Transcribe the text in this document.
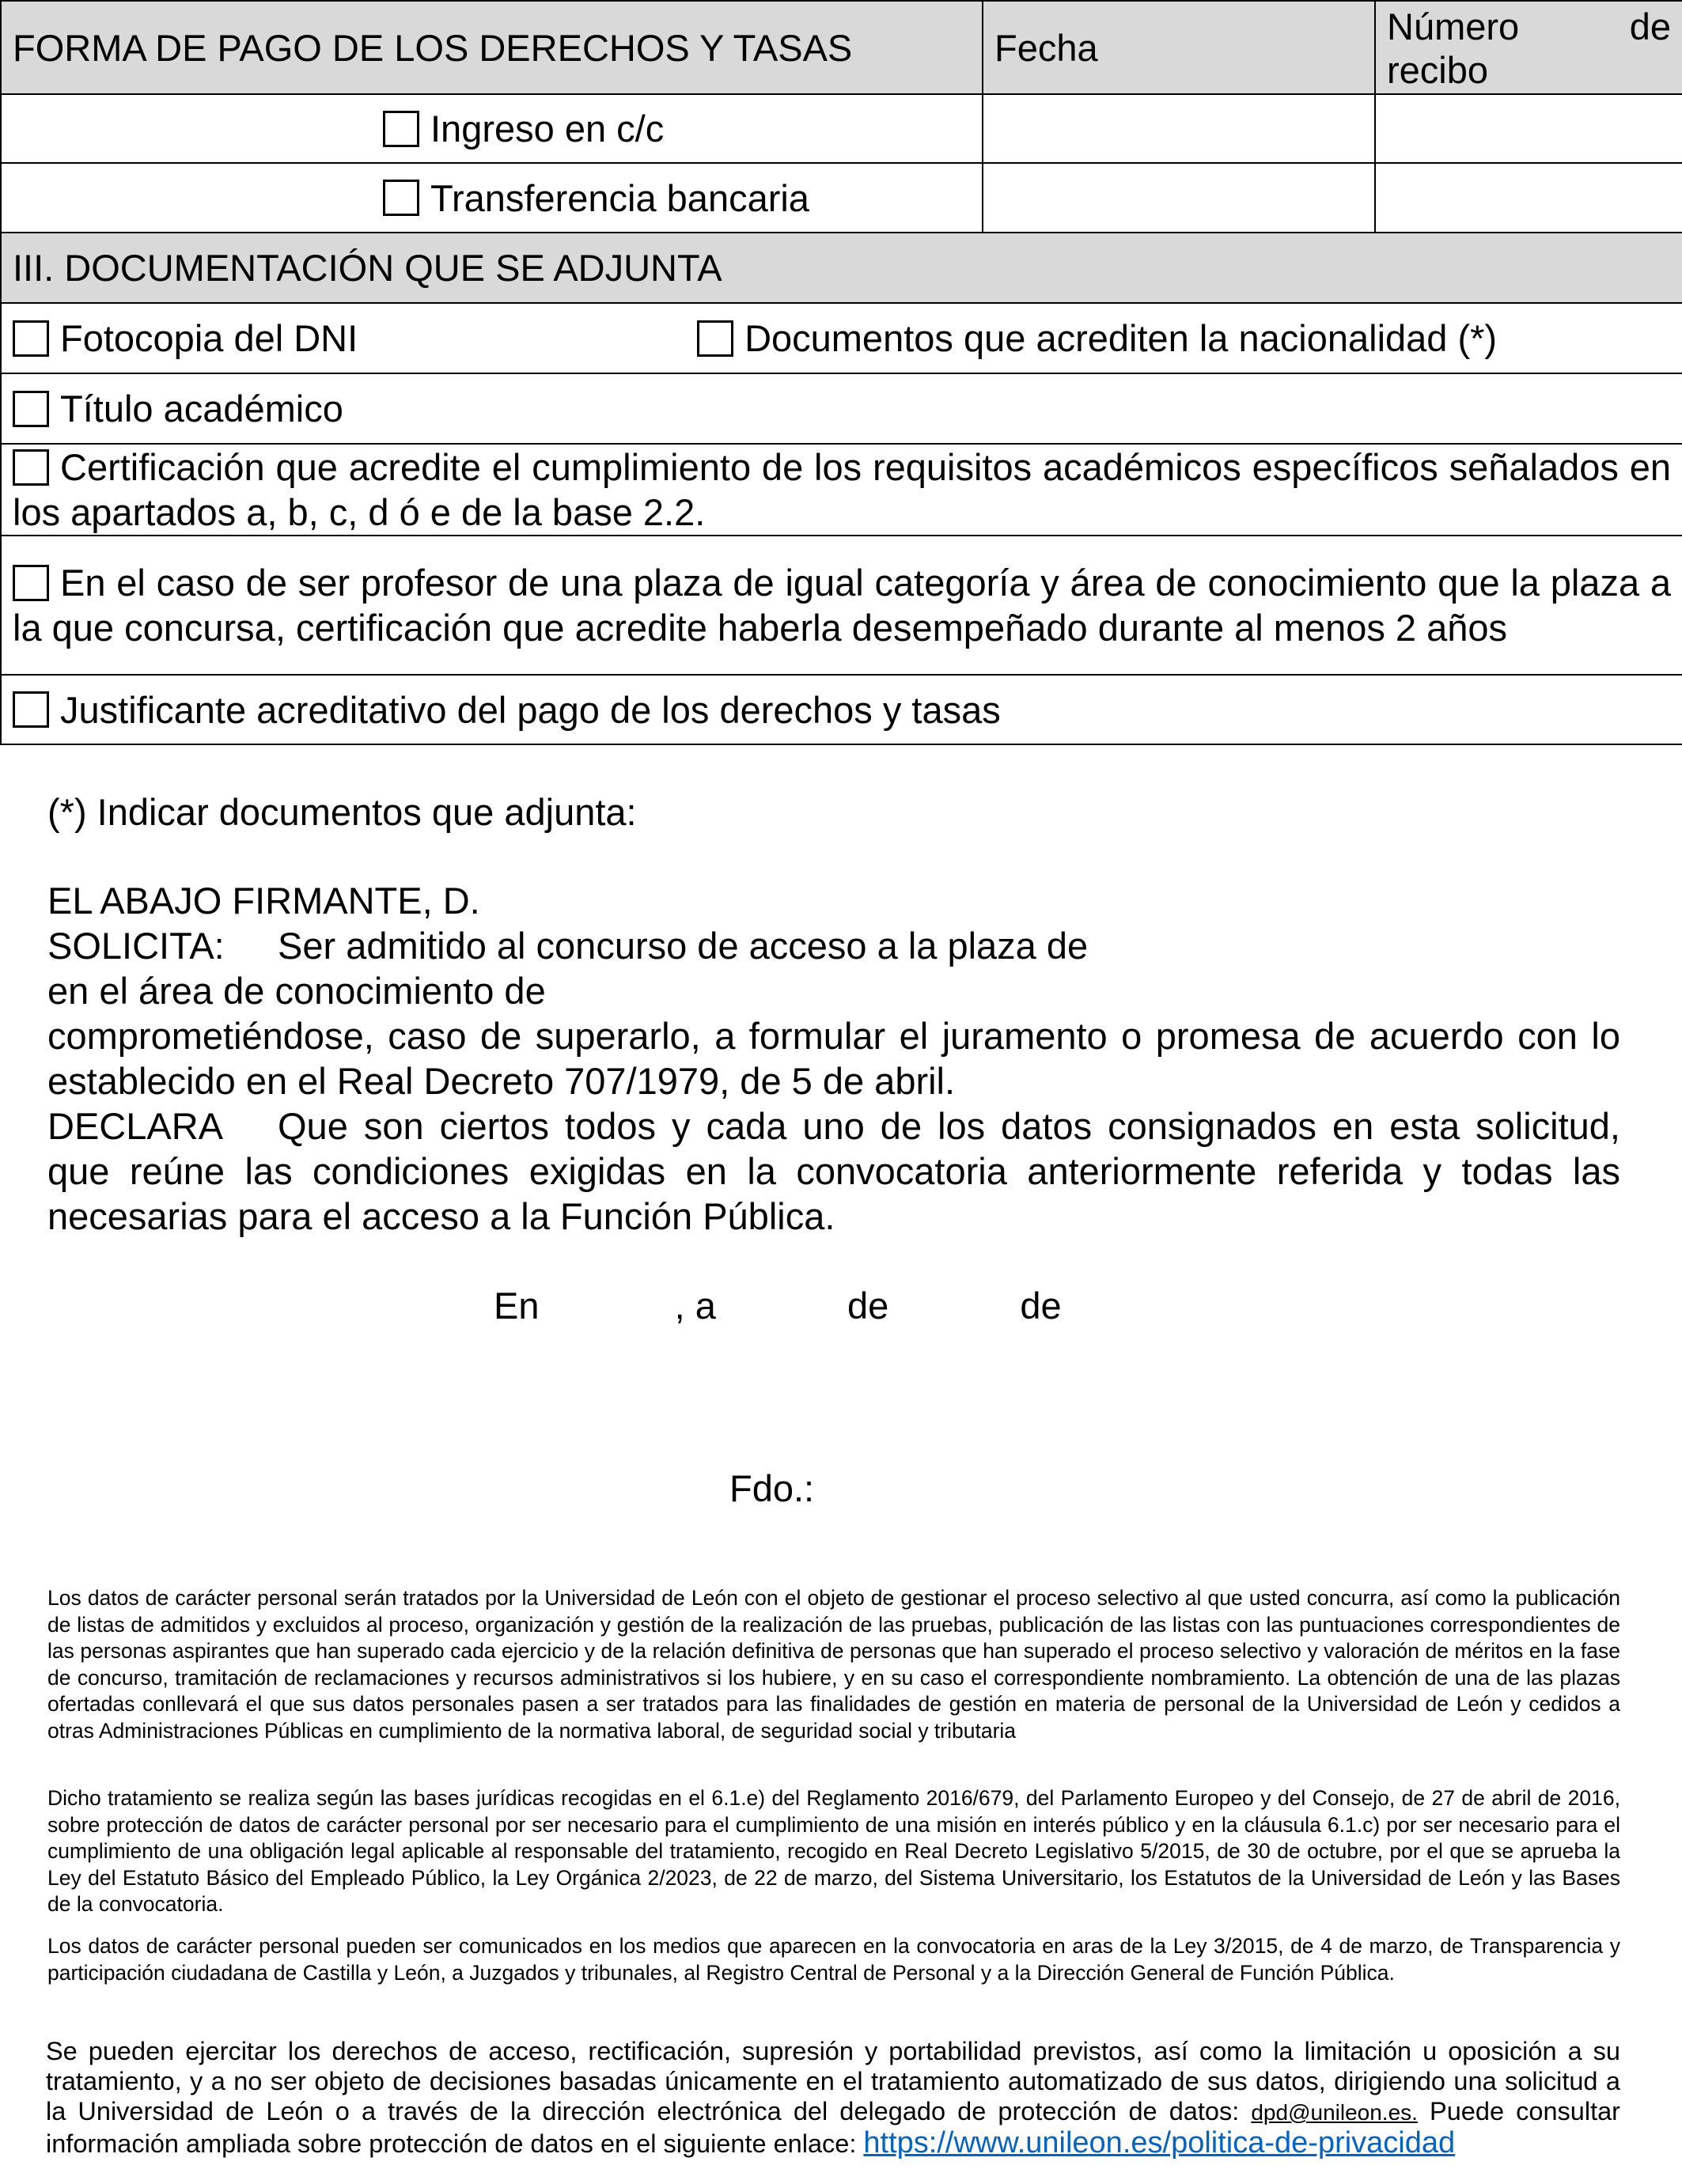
FORMA DE PAGO DE LOS DERECHOS Y TASAS	Fecha	Número de
recibo

Ingreso en c/c		
Transferencia bancaria		
III. DOCUMENTACIÓN QUE SE ADJUNTA		
Fotocopia del DNI Documentos que acrediten la nacionalidad (*)		
Título académico		
Certificación que acredite el cumplimiento de los requisitos académicos específicos señalados en los apartados a, b, c, d ó e de la base 2.2.		
En el caso de ser profesor de una plaza de igual categoría y área de conocimiento que la plaza a la que concursa, certificación que acredite haberla desempeñado durante al menos 2 años		
Justificante acreditativo del pago de los derechos y tasas		
(*) Indicar documentos que adjunta:
EL ABAJO FIRMANTE, D.
SOLICITA: Ser admitido al concurso de acceso a la plaza de
en el área de conocimiento de
comprometiéndose, caso de superarlo, a formular el juramento o promesa de acuerdo con lo establecido en el Real Decreto 707/1979, de 5 de abril.
DECLARA Que son ciertos todos y cada uno de los datos consignados en esta solicitud, que reúne las condiciones exigidas en la convocatoria anteriormente referida y todas las necesarias para el acceso a la Función Pública.
En	, a	de	de
Fdo.:
Los datos de carácter personal serán tratados por la Universidad de León con el objeto de gestionar el proceso selectivo al que usted concurra, así como la publicación de listas de admitidos y excluidos al proceso, organización y gestión de la realización de las pruebas, publicación de las listas con las puntuaciones correspondientes de las personas aspirantes que han superado cada ejercicio y de la relación definitiva de personas que han superado el proceso selectivo y valoración de méritos en la fase de concurso, tramitación de reclamaciones y recursos administrativos si los hubiere, y en su caso el correspondiente nombramiento. La obtención de una de las plazas ofertadas conllevará el que sus datos personales pasen a ser tratados para las finalidades de gestión en materia de personal de la Universidad de León y cedidos a otras Administraciones Públicas en cumplimiento de la normativa laboral, de seguridad social y tributaria
Dicho tratamiento se realiza según las bases jurídicas recogidas en el 6.1.e) del Reglamento 2016/679, del Parlamento Europeo y del Consejo, de 27 de abril de 2016, sobre protección de datos de carácter personal por ser necesario para el cumplimiento de una misión en interés público y en la cláusula 6.1.c) por ser necesario para el cumplimiento de una obligación legal aplicable al responsable del tratamiento, recogido en Real Decreto Legislativo 5/2015, de 30 de octubre, por el que se aprueba la Ley del Estatuto Básico del Empleado Público, la Ley Orgánica 2/2023, de 22 de marzo, del Sistema Universitario, los Estatutos de la Universidad de León y las Bases de la convocatoria.
Los datos de carácter personal pueden ser comunicados en los medios que aparecen en la convocatoria en aras de la Ley 3/2015, de 4 de marzo, de Transparencia y participación ciudadana de Castilla y León, a Juzgados y tribunales, al Registro Central de Personal y a la Dirección General de Función Pública.
Se pueden ejercitar los derechos de acceso, rectificación, supresión y portabilidad previstos, así como la limitación u oposición a su tratamiento, y a no ser objeto de decisiones basadas únicamente en el tratamiento automatizado de sus datos, dirigiendo una solicitud a la Universidad de León o a través de la dirección electrónica del delegado de protección de datos: dpd@unileon.es. Puede consultar información ampliada sobre protección de datos en el siguiente enlace: https://www.unileon.es/politica-de-privacidad
